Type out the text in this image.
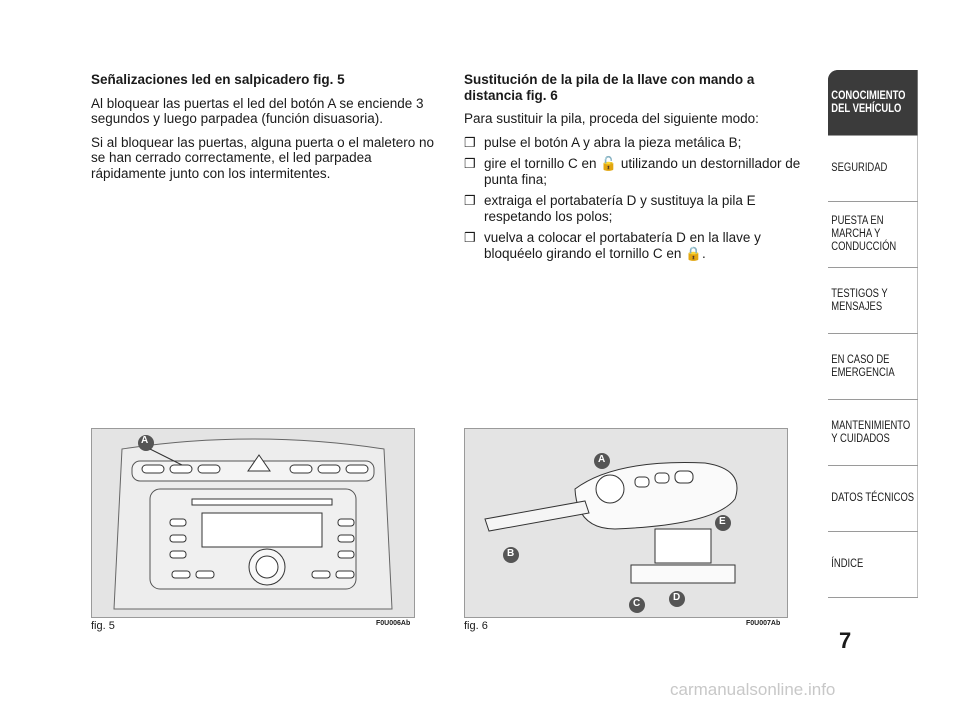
Señalizaciones led en salpicadero fig. 5

Al bloquear las puertas el led del botón A se enciende 3 segundos y luego parpadea (función disuasoria).

Si al bloquear las puertas, alguna puerta o el maletero no se han cerrado correctamente, el led parpadea rápidamente junto con los intermitentes.

Sustitución de la pila de la llave con mando a distancia fig. 6

Para sustituir la pila, proceda del siguiente modo:

❒ pulse el botón A y abra la pieza metálica B;
❒ gire el tornillo C en 🔓 utilizando un destornillador de punta fina;
❒ extraiga el portabatería D y sustituya la pila E respetando los polos;
❒ vuelva a colocar el portabatería D en la llave y bloquéelo girando el tornillo C en 🔒.
A
fig. 5	F0U006Ab
A
E
B
C
D
fig. 6	F0U007Ab
CONOCIMIENTO DEL VEHÍCULO
SEGURIDAD
PUESTA EN MARCHA Y CONDUCCIÓN
TESTIGOS Y MENSAJES
EN CASO DE EMERGENCIA
MANTENIMIENTO Y CUIDADOS
DATOS TÉCNICOS
ÍNDICE
7
carmanualsonline.info
